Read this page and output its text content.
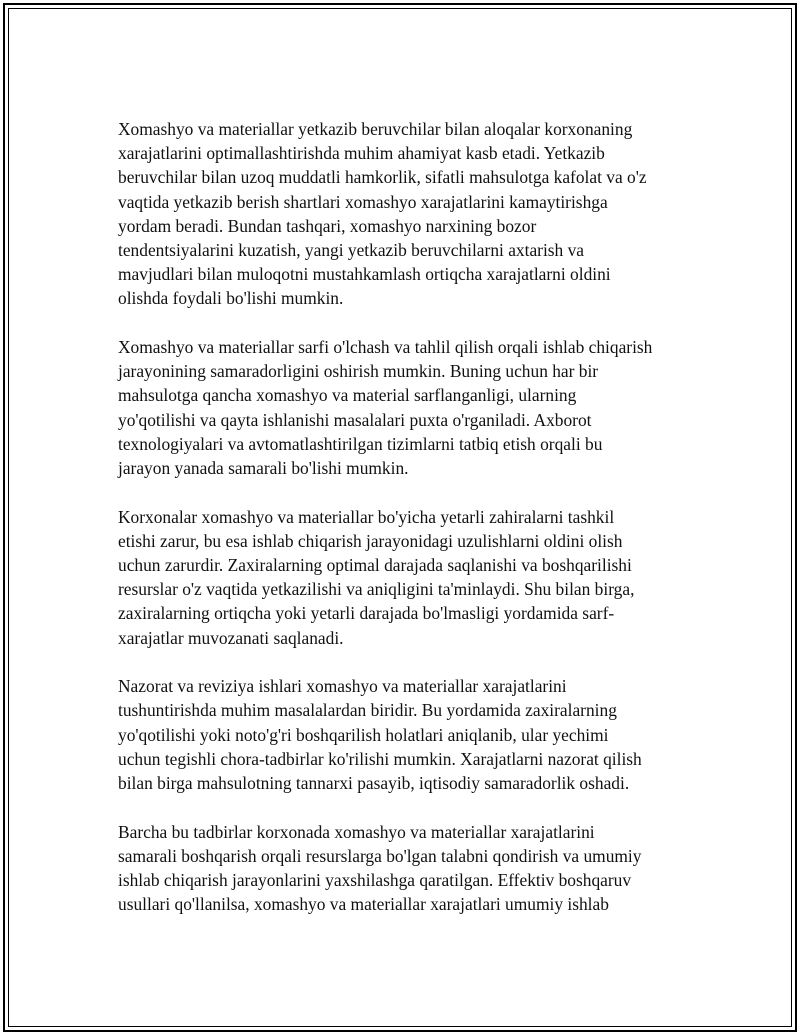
Xomashyo va materiallar yetkazib beruvchilar bilan aloqalar korxonaning
xarajatlarini optimallashtirishda muhim ahamiyat kasb etadi. Yetkazib
beruvchilar bilan uzoq muddatli hamkorlik, sifatli mahsulotga kafolat va o'z
vaqtida yetkazib berish shartlari xomashyo xarajatlarini kamaytirishga
yordam beradi. Bundan tashqari, xomashyo narxining bozor
tendentsiyalarini kuzatish, yangi yetkazib beruvchilarni axtarish va
mavjudlari bilan muloqotni mustahkamlash ortiqcha xarajatlarni oldini
olishda foydali bo'lishi mumkin.

Xomashyo va materiallar sarfi o'lchash va tahlil qilish orqali ishlab chiqarish
jarayonining samaradorligini oshirish mumkin. Buning uchun har bir
mahsulotga qancha xomashyo va material sarflanganligi, ularning
yo'qotilishi va qayta ishlanishi masalalari puxta o'rganiladi. Axborot
texnologiyalari va avtomatlashtirilgan tizimlarni tatbiq etish orqali bu
jarayon yanada samarali bo'lishi mumkin.

Korxonalar xomashyo va materiallar bo'yicha yetarli zahiralarni tashkil
etishi zarur, bu esa ishlab chiqarish jarayonidagi uzulishlarni oldini olish
uchun zarurdir. Zaxiralarning optimal darajada saqlanishi va boshqarilishi
resurslar o'z vaqtida yetkazilishi va aniqligini ta'minlaydi. Shu bilan birga,
zaxiralarning ortiqcha yoki yetarli darajada bo'lmasligi yordamida sarf-
xarajatlar muvozanati saqlanadi.

Nazorat va reviziya ishlari xomashyo va materiallar xarajatlarini
tushuntirishda muhim masalalardan biridir. Bu yordamida zaxiralarning
yo'qotilishi yoki noto'g'ri boshqarilish holatlari aniqlanib, ular yechimi
uchun tegishli chora-tadbirlar ko'rilishi mumkin. Xarajatlarni nazorat qilish
bilan birga mahsulotning tannarxi pasayib, iqtisodiy samaradorlik oshadi.

Barcha bu tadbirlar korxonada xomashyo va materiallar xarajatlarini
samarali boshqarish orqali resurslarga bo'lgan talabni qondirish va umumiy
ishlab chiqarish jarayonlarini yaxshilashga qaratilgan. Effektiv boshqaruv
usullari qo'llanilsa, xomashyo va materiallar xarajatlari umumiy ishlab
